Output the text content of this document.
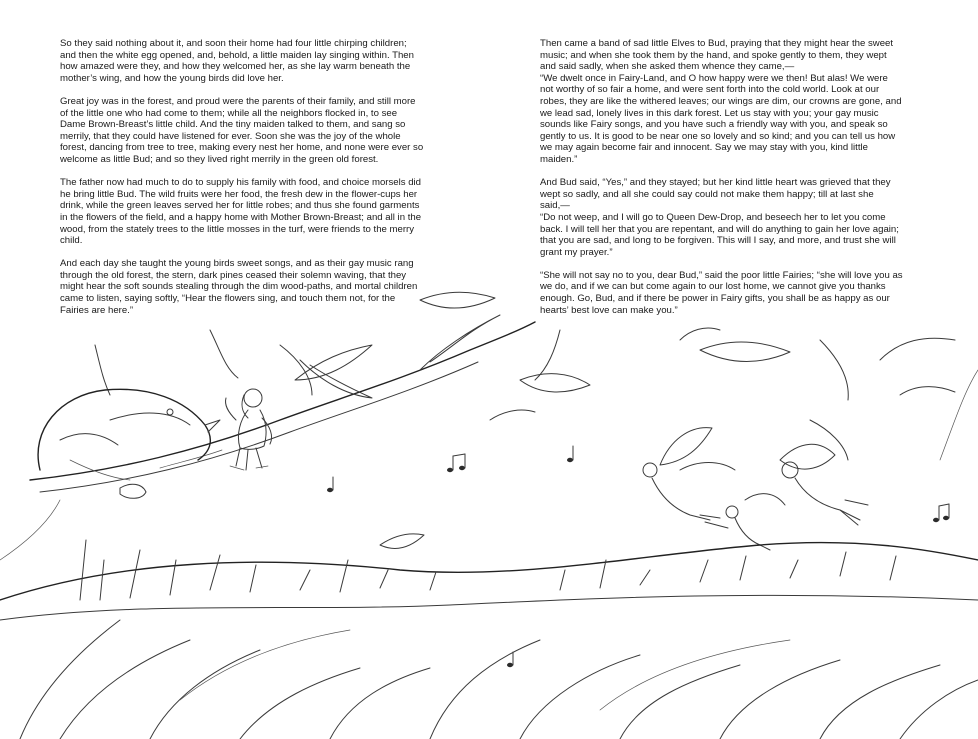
So they said nothing about it, and soon their home had four little chirping children;
and then the white egg opened, and, behold, a little maiden lay singing within. Then
how amazed were they, and how they welcomed her, as she lay warm beneath the
mother’s wing, and how the young birds did love her.

Great joy was in the forest, and proud were the parents of their family, and still more
of the little one who had come to them; while all the neighbors flocked in, to see
Dame Brown-Breast’s little child. And the tiny maiden talked to them, and sang so
merrily, that they could have listened for ever. Soon she was the joy of the whole
forest, dancing from tree to tree, making every nest her home, and none were ever so
welcome as little Bud; and so they lived right merrily in the green old forest.

The father now had much to do to supply his family with food, and choice morsels did
he bring little Bud. The wild fruits were her food, the fresh dew in the flower-cups her
drink, while the green leaves served her for little robes; and thus she found garments
in the flowers of the field, and a happy home with Mother Brown-Breast; and all in the
wood, from the stately trees to the little mosses in the turf, were friends to the merry
child.

And each day she taught the young birds sweet songs, and as their gay music rang
through the old forest, the stern, dark pines ceased their solemn waving, that they
might hear the soft sounds stealing through the dim wood-paths, and mortal children
came to listen, saying softly, “Hear the flowers sing, and touch them not, for the
Fairies are here.”

Then came a band of sad little Elves to Bud, praying that they might hear the sweet
music; and when she took them by the hand, and spoke gently to them, they wept
and said sadly, when she asked them whence they came,—
“We dwelt once in Fairy-Land, and O how happy were we then! But alas! We were
not worthy of so fair a home, and were sent forth into the cold world. Look at our
robes, they are like the withered leaves; our wings are dim, our crowns are gone, and
we lead sad, lonely lives in this dark forest. Let us stay with you; your gay music
sounds like Fairy songs, and you have such a friendly way with you, and speak so
gently to us. It is good to be near one so lovely and so kind; and you can tell us how
we may again become fair and innocent. Say we may stay with you, kind little
maiden.”

And Bud said, “Yes,” and they stayed; but her kind little heart was grieved that they
wept so sadly, and all she could say could not make them happy; till at last she
said,—
“Do not weep, and I will go to Queen Dew-Drop, and beseech her to let you come
back. I will tell her that you are repentant, and will do anything to gain her love again;
that you are sad, and long to be forgiven. This will I say, and more, and trust she will
grant my prayer.”

“She will not say no to you, dear Bud,” said the poor little Fairies; “she will love you as
we do, and if we can but come again to our lost home, we cannot give you thanks
enough. Go, Bud, and if there be power in Fairy gifts, you shall be as happy as our
hearts’ best love can make you.”
